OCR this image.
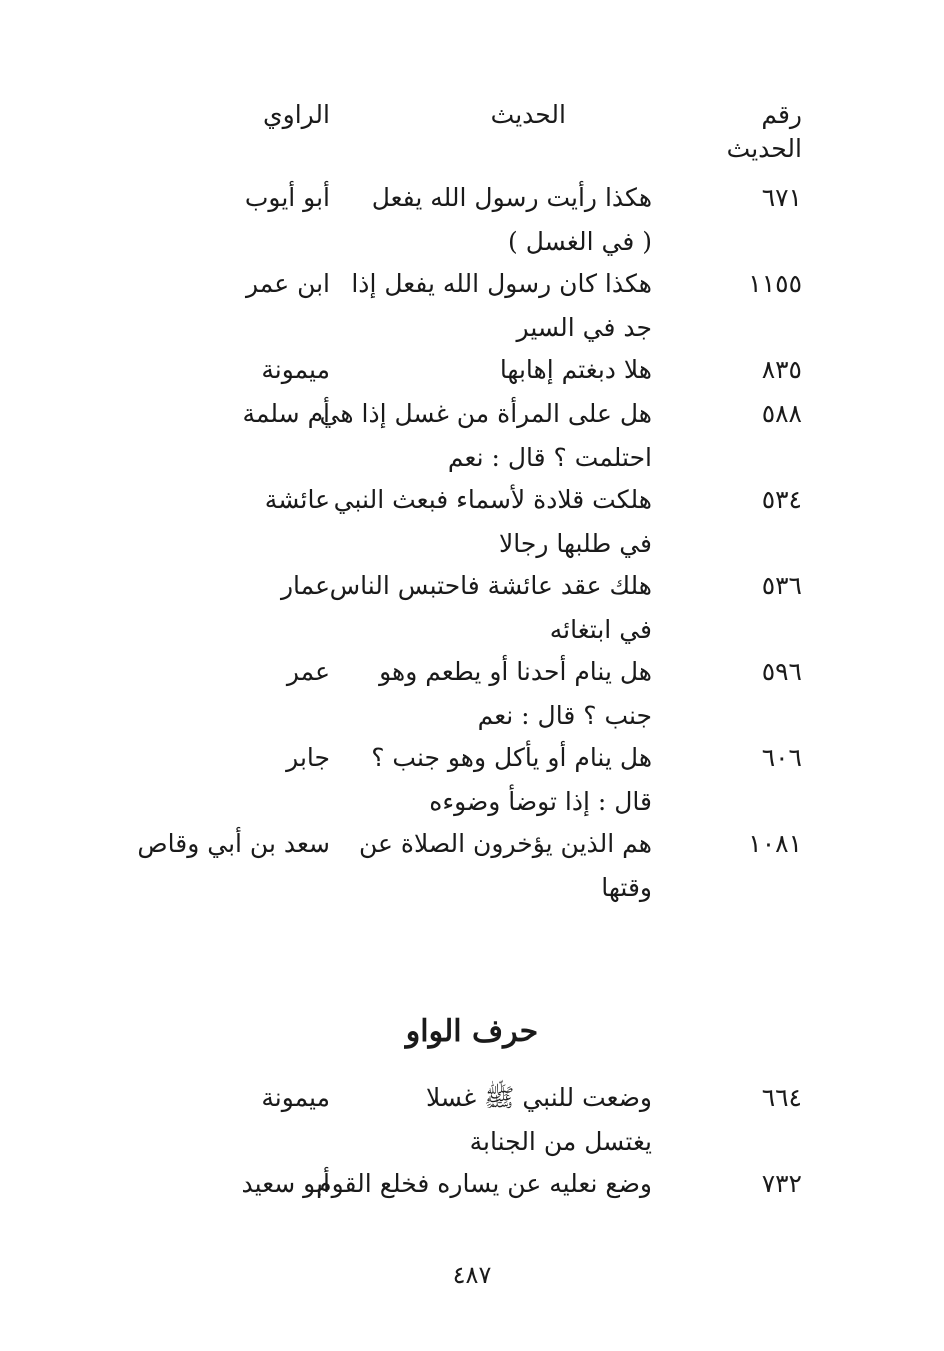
رقم
الحديث
الحديث
الراوي
٦٧١
هكذا رأيت رسول الله يفعل
( في الغسل )
أبو أيوب
١١٥٥
هكذا كان رسول الله يفعل إذا
جد في السير
ابن عمر
٨٣٥
هلا دبغتم إهابها
ميمونة
٥٨٨
هل على المرأة من غسل إذا هي
احتلمت ؟ قال : نعم
أم سلمة
٥٣٤
هلكت قلادة لأسماء فبعث النبي
في طلبها رجالا
عائشة
٥٣٦
هلك عقد عائشة فاحتبس الناس
في ابتغائه
عمار
٥٩٦
هل ينام أحدنا أو يطعم وهو
جنب ؟ قال : نعم
عمر
٦٠٦
هل ينام أو يأكل وهو جنب ؟
قال : إذا توضأ وضوءه
جابر
١٠٨١
هم الذين يؤخرون الصلاة عن
وقتها
سعد بن أبي وقاص
حرف الواو
٦٦٤
وضعت للنبي ﷺ غسلا
يغتسل من الجنابة
ميمونة
٧٣٢
وضع نعليه عن يساره فخلع القوم
أبو سعيد
٤٨٧
